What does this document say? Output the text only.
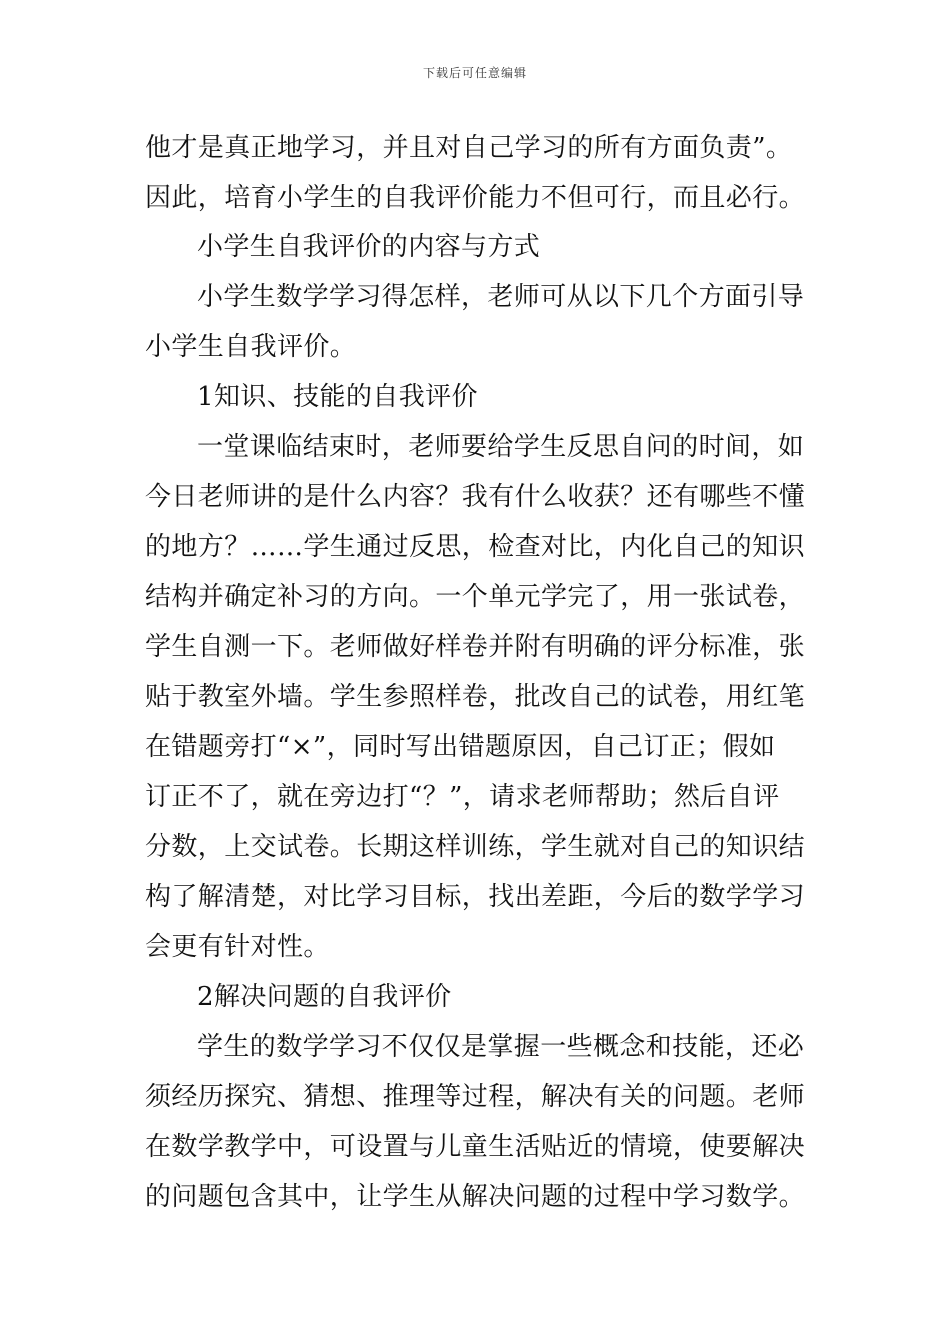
下载后可任意编辑
他才是真正地学习，并且对自己学习的所有方面负责”。
因此，培育小学生的自我评价能力不但可行，而且必行。
小学生自我评价的内容与方式
小学生数学学习得怎样，老师可从以下几个方面引导
小学生自我评价。
1知识、技能的自我评价
一堂课临结束时，老师要给学生反思自问的时间，如
今日老师讲的是什么内容？我有什么收获？还有哪些不懂
的地方？……学生通过反思，检查对比，内化自己的知识
结构并确定补习的方向。一个单元学完了，用一张试卷，
学生自测一下。老师做好样卷并附有明确的评分标准，张
贴于教室外墙。学生参照样卷，批改自己的试卷，用红笔
在错题旁打“×”，同时写出错题原因，自己订正；假如
订正不了，就在旁边打“？”，请求老师帮助；然后自评
分数，上交试卷。长期这样训练，学生就对自己的知识结
构了解清楚，对比学习目标，找出差距，今后的数学学习
会更有针对性。
2解决问题的自我评价
学生的数学学习不仅仅是掌握一些概念和技能，还必
须经历探究、猜想、推理等过程，解决有关的问题。老师
在数学教学中，可设置与儿童生活贴近的情境，使要解决
的问题包含其中，让学生从解决问题的过程中学习数学。
